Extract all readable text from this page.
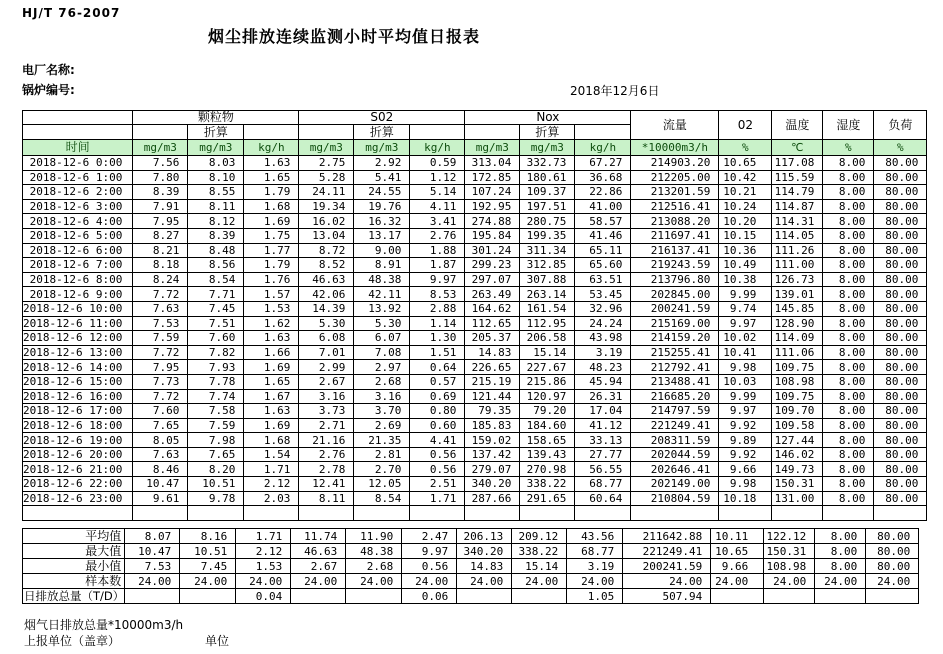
HJ/T 76-2007
烟尘排放连续监测小时平均值日报表
电厂名称:
锅炉编号:	2018年12月6日
	颗粒物			S02			Nox			流量	02	温度	湿度	负荷
		折算			折算			折算						
时间	mg/m3	mg/m3	kg/h	mg/m3	mg/m3	kg/h	mg/m3	mg/m3	kg/h	*10000m3/h	%	℃	%	%
2018-12-6 0:00	7.56	8.03	1.63	2.75	2.92	0.59	313.04	332.73	67.27	214903.20	10.65	117.08	8.00	80.00
2018-12-6 1:00	7.80	8.10	1.65	5.28	5.41	1.12	172.85	180.61	36.68	212205.00	10.42	115.59	8.00	80.00
2018-12-6 2:00	8.39	8.55	1.79	24.11	24.55	5.14	107.24	109.37	22.86	213201.59	10.21	114.79	8.00	80.00
2018-12-6 3:00	7.91	8.11	1.68	19.34	19.76	4.11	192.95	197.51	41.00	212516.41	10.24	114.87	8.00	80.00
2018-12-6 4:00	7.95	8.12	1.69	16.02	16.32	3.41	274.88	280.75	58.57	213088.20	10.20	114.31	8.00	80.00
2018-12-6 5:00	8.27	8.39	1.75	13.04	13.17	2.76	195.84	199.35	41.46	211697.41	10.15	114.05	8.00	80.00
2018-12-6 6:00	8.21	8.48	1.77	8.72	9.00	1.88	301.24	311.34	65.11	216137.41	10.36	111.26	8.00	80.00
2018-12-6 7:00	8.18	8.56	1.79	8.52	8.91	1.87	299.23	312.85	65.60	219243.59	10.49	111.00	8.00	80.00
2018-12-6 8:00	8.24	8.54	1.76	46.63	48.38	9.97	297.07	307.88	63.51	213796.80	10.38	126.73	8.00	80.00
2018-12-6 9:00	7.72	7.71	1.57	42.06	42.11	8.53	263.49	263.14	53.45	202845.00	9.99	139.01	8.00	80.00
2018-12-6 10:00	7.63	7.45	1.53	14.39	13.92	2.88	164.62	161.54	32.96	200241.59	9.74	145.85	8.00	80.00
2018-12-6 11:00	7.53	7.51	1.62	5.30	5.30	1.14	112.65	112.95	24.24	215169.00	9.97	128.90	8.00	80.00
2018-12-6 12:00	7.59	7.60	1.63	6.08	6.07	1.30	205.37	206.58	43.98	214159.20	10.02	114.09	8.00	80.00
2018-12-6 13:00	7.72	7.82	1.66	7.01	7.08	1.51	14.83	15.14	3.19	215255.41	10.41	111.06	8.00	80.00
2018-12-6 14:00	7.95	7.93	1.69	2.99	2.97	0.64	226.65	227.67	48.23	212792.41	9.98	109.75	8.00	80.00
2018-12-6 15:00	7.73	7.78	1.65	2.67	2.68	0.57	215.19	215.86	45.94	213488.41	10.03	108.98	8.00	80.00
2018-12-6 16:00	7.72	7.74	1.67	3.16	3.16	0.69	121.44	120.97	26.31	216685.20	9.99	109.75	8.00	80.00
2018-12-6 17:00	7.60	7.58	1.63	3.73	3.70	0.80	79.35	79.20	17.04	214797.59	9.97	109.70	8.00	80.00
2018-12-6 18:00	7.65	7.59	1.69	2.71	2.69	0.60	185.83	184.60	41.12	221249.41	9.92	109.58	8.00	80.00
2018-12-6 19:00	8.05	7.98	1.68	21.16	21.35	4.41	159.02	158.65	33.13	208311.59	9.89	127.44	8.00	80.00
2018-12-6 20:00	7.63	7.65	1.54	2.76	2.81	0.56	137.42	139.43	27.77	202044.59	9.92	146.02	8.00	80.00
2018-12-6 21:00	8.46	8.20	1.71	2.78	2.70	0.56	279.07	270.98	56.55	202646.41	9.66	149.73	8.00	80.00
2018-12-6 22:00	10.47	10.51	2.12	12.41	12.05	2.51	340.20	338.22	68.77	202149.00	9.98	150.31	8.00	80.00
2018-12-6 23:00	9.61	9.78	2.03	8.11	8.54	1.71	287.66	291.65	60.64	210804.59	10.18	131.00	8.00	80.00

平均值	8.07	8.16	1.71	11.74	11.90	2.47	206.13	209.12	43.56	211642.88	10.11	122.12	8.00	80.00
最大值	10.47	10.51	2.12	46.63	48.38	9.97	340.20	338.22	68.77	221249.41	10.65	150.31	8.00	80.00
最小值	7.53	7.45	1.53	2.67	2.68	0.56	14.83	15.14	3.19	200241.59	9.66	108.98	8.00	80.00
样本数	24.00	24.00	24.00	24.00	24.00	24.00	24.00	24.00	24.00	24.00	24.00	24.00	24.00	24.00
日排放总量（T/D）			0.04			0.06			1.05	507.94				
烟气日排放总量*10000m3/h
上报单位（盖章）	单位
